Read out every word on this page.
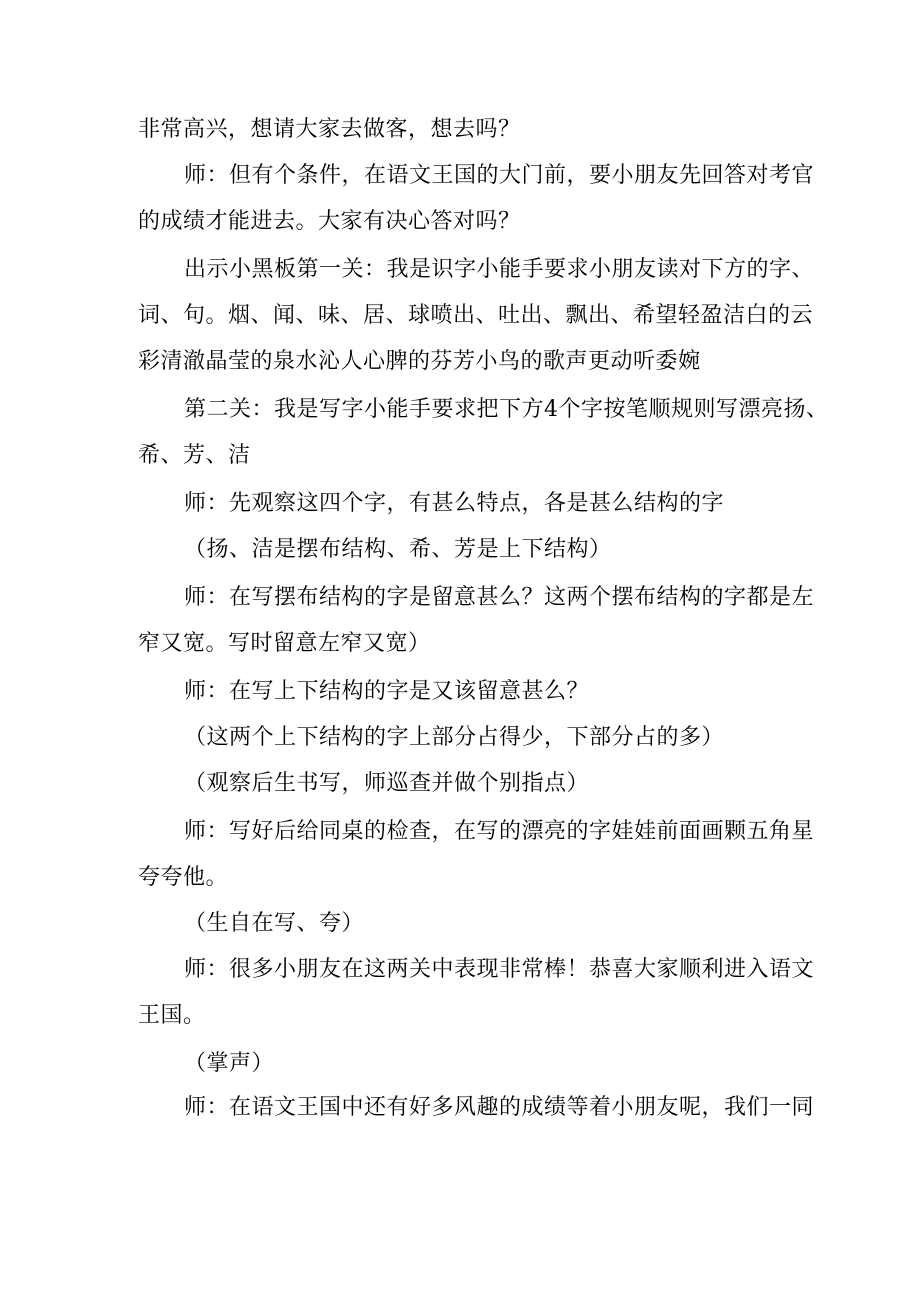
非常高兴，想请大家去做客，想去吗？
师：但有个条件，在语文王国的大门前，要小朋友先回答对考官
的成绩才能进去。大家有决心答对吗？
出示小黑板第一关：我是识字小能手要求小朋友读对下方的字、
词、句。烟、闻、味、居、球喷出、吐出、飘出、希望轻盈洁白的云
彩清澈晶莹的泉水沁人心脾的芬芳小鸟的歌声更动听委婉
第二关：我是写字小能手要求把下方4个字按笔顺规则写漂亮扬、
希、芳、洁
师：先观察这四个字，有甚么特点，各是甚么结构的字
（扬、洁是摆布结构、希、芳是上下结构）
师：在写摆布结构的字是留意甚么？这两个摆布结构的字都是左
窄又宽。写时留意左窄又宽）
师：在写上下结构的字是又该留意甚么？
（这两个上下结构的字上部分占得少，下部分占的多）
（观察后生书写，师巡查并做个别指点）
师：写好后给同桌的检查，在写的漂亮的字娃娃前面画颗五角星
夸夸他。
（生自在写、夸）
师：很多小朋友在这两关中表现非常棒！恭喜大家顺利进入语文
王国。
（掌声）
师：在语文王国中还有好多风趣的成绩等着小朋友呢，我们一同
